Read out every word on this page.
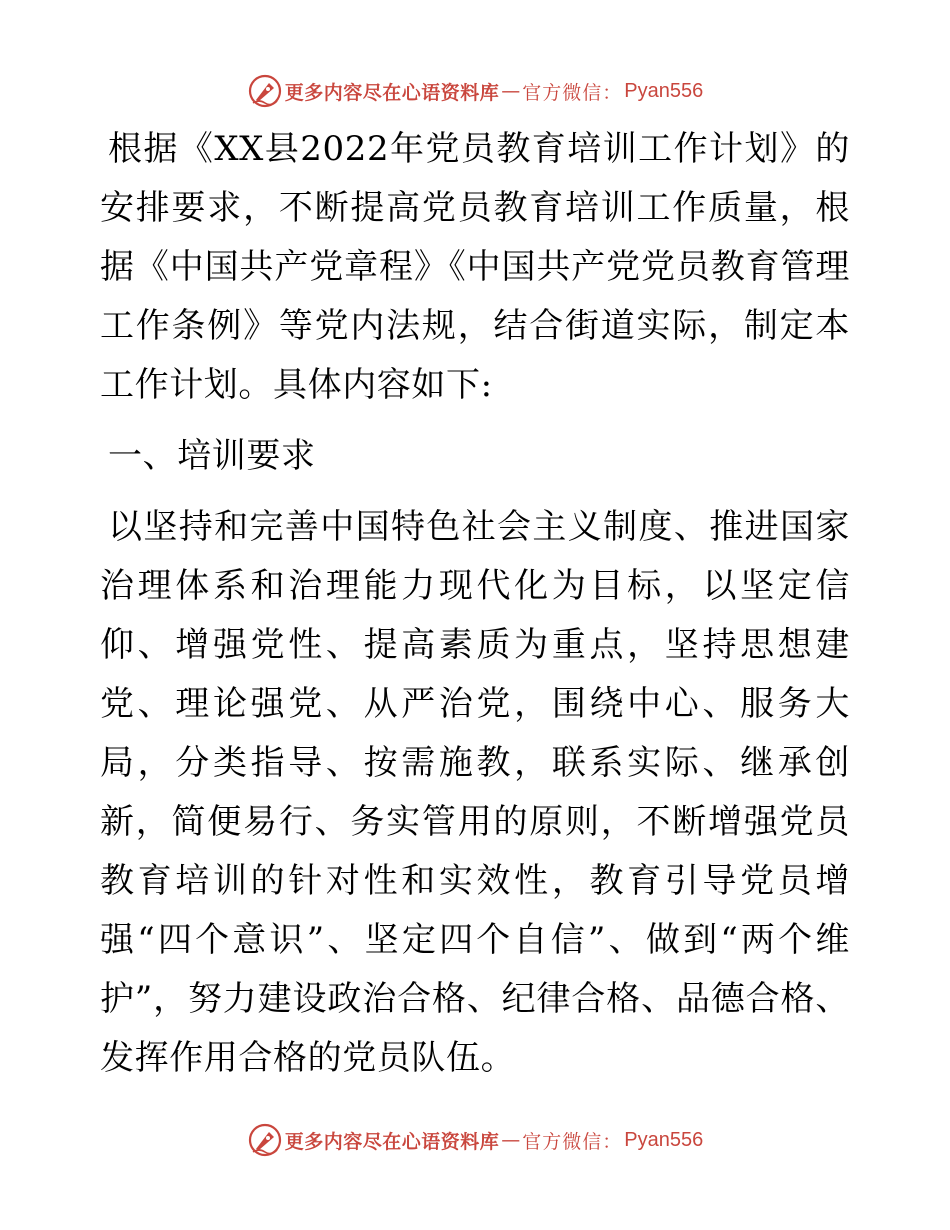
更多内容尽在心语资料库 — 官方微信： Pyan556

根据《XX县2022年党员教育培训工作计划》的安排要求，不断提高党员教育培训工作质量，根据《中国共产党章程》《中国共产党党员教育管理工作条例》等党内法规，结合街道实际，制定本工作计划。具体内容如下:

一、培训要求

以坚持和完善中国特色社会主义制度、推进国家治理体系和治理能力现代化为目标，以坚定信仰、增强党性、提高素质为重点，坚持思想建党、理论强党、从严治党，围绕中心、服务大局，分类指导、按需施教，联系实际、继承创新，简便易行、务实管用的原则，不断增强党员教育培训的针对性和实效性，教育引导党员增强“四个意识”、坚定四个自信”、做到“两个维护”，努力建设政治合格、纪律合格、品德合格、发挥作用合格的党员队伍。

更多内容尽在心语资料库 — 官方微信： Pyan556
